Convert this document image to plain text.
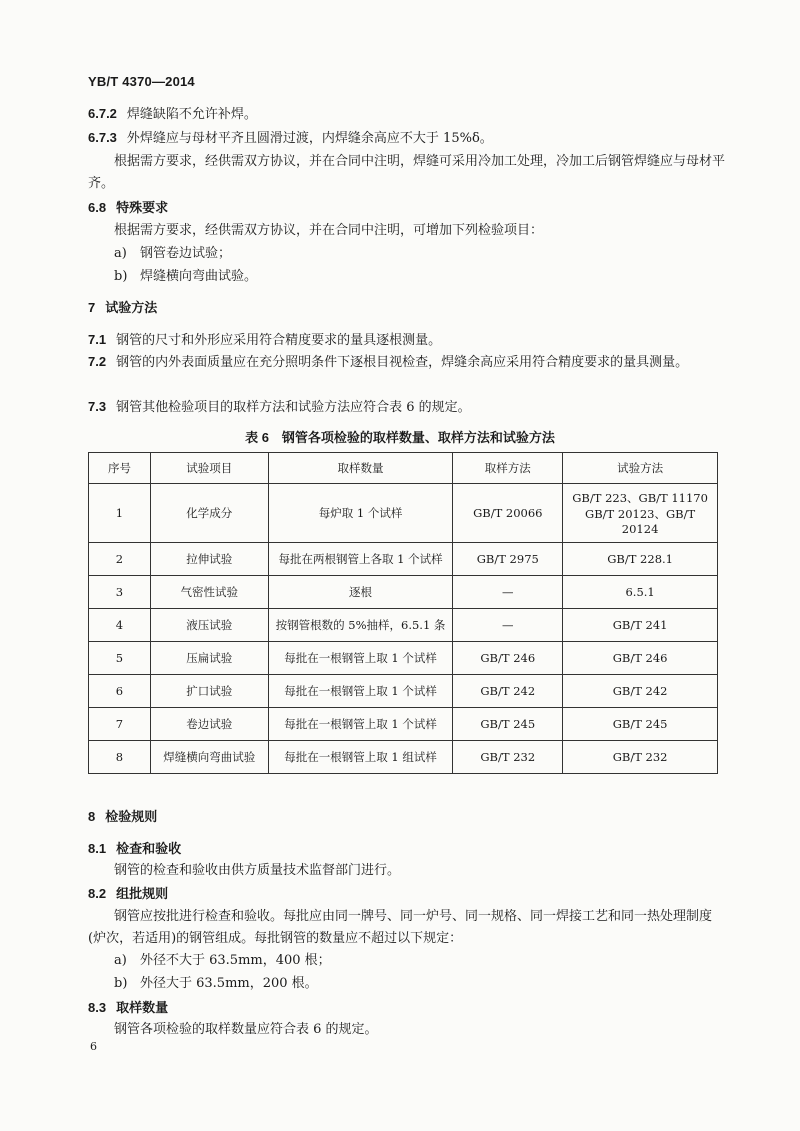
YB/T 4370—2014
6.7.2 焊缝缺陷不允许补焊。
6.7.3 外焊缝应与母材平齐且圆滑过渡，内焊缝余高应不大于 15%δ。
根据需方要求，经供需双方协议，并在合同中注明，焊缝可采用冷加工处理，冷加工后钢管焊缝应与母材平齐。
6.8 特殊要求
根据需方要求，经供需双方协议，并在合同中注明，可增加下列检验项目：
a) 钢管卷边试验；
b) 焊缝横向弯曲试验。
7 试验方法
7.1 钢管的尺寸和外形应采用符合精度要求的量具逐根测量。
7.2 钢管的内外表面质量应在充分照明条件下逐根目视检查，焊缝余高应采用符合精度要求的量具测量。
7.3 钢管其他检验项目的取样方法和试验方法应符合表 6 的规定。
表 6　钢管各项检验的取样数量、取样方法和试验方法
序号	试验项目	取样数量	取样方法	试验方法
1	化学成分	每炉取 1 个试样	GB/T 20066	GB/T 223、GB/T 11170
GB/T 20123、GB/T 20124

2	拉伸试验	每批在两根钢管上各取 1 个试样	GB/T 2975	GB/T 228.1
3	气密性试验	逐根	—	6.5.1
4	液压试验	按钢管根数的 5%抽样，6.5.1 条	—	GB/T 241
5	压扁试验	每批在一根钢管上取 1 个试样	GB/T 246	GB/T 246
6	扩口试验	每批在一根钢管上取 1 个试样	GB/T 242	GB/T 242
7	卷边试验	每批在一根钢管上取 1 个试样	GB/T 245	GB/T 245
8	焊缝横向弯曲试验	每批在一根钢管上取 1 组试样	GB/T 232	GB/T 232
8 检验规则
8.1 检查和验收
钢管的检查和验收由供方质量技术监督部门进行。
8.2 组批规则
钢管应按批进行检查和验收。每批应由同一牌号、同一炉号、同一规格、同一焊接工艺和同一热处理制度(炉次，若适用)的钢管组成。每批钢管的数量应不超过以下规定：
a) 外径不大于 63.5mm，400 根；
b) 外径大于 63.5mm，200 根。
8.3 取样数量
钢管各项检验的取样数量应符合表 6 的规定。
6
